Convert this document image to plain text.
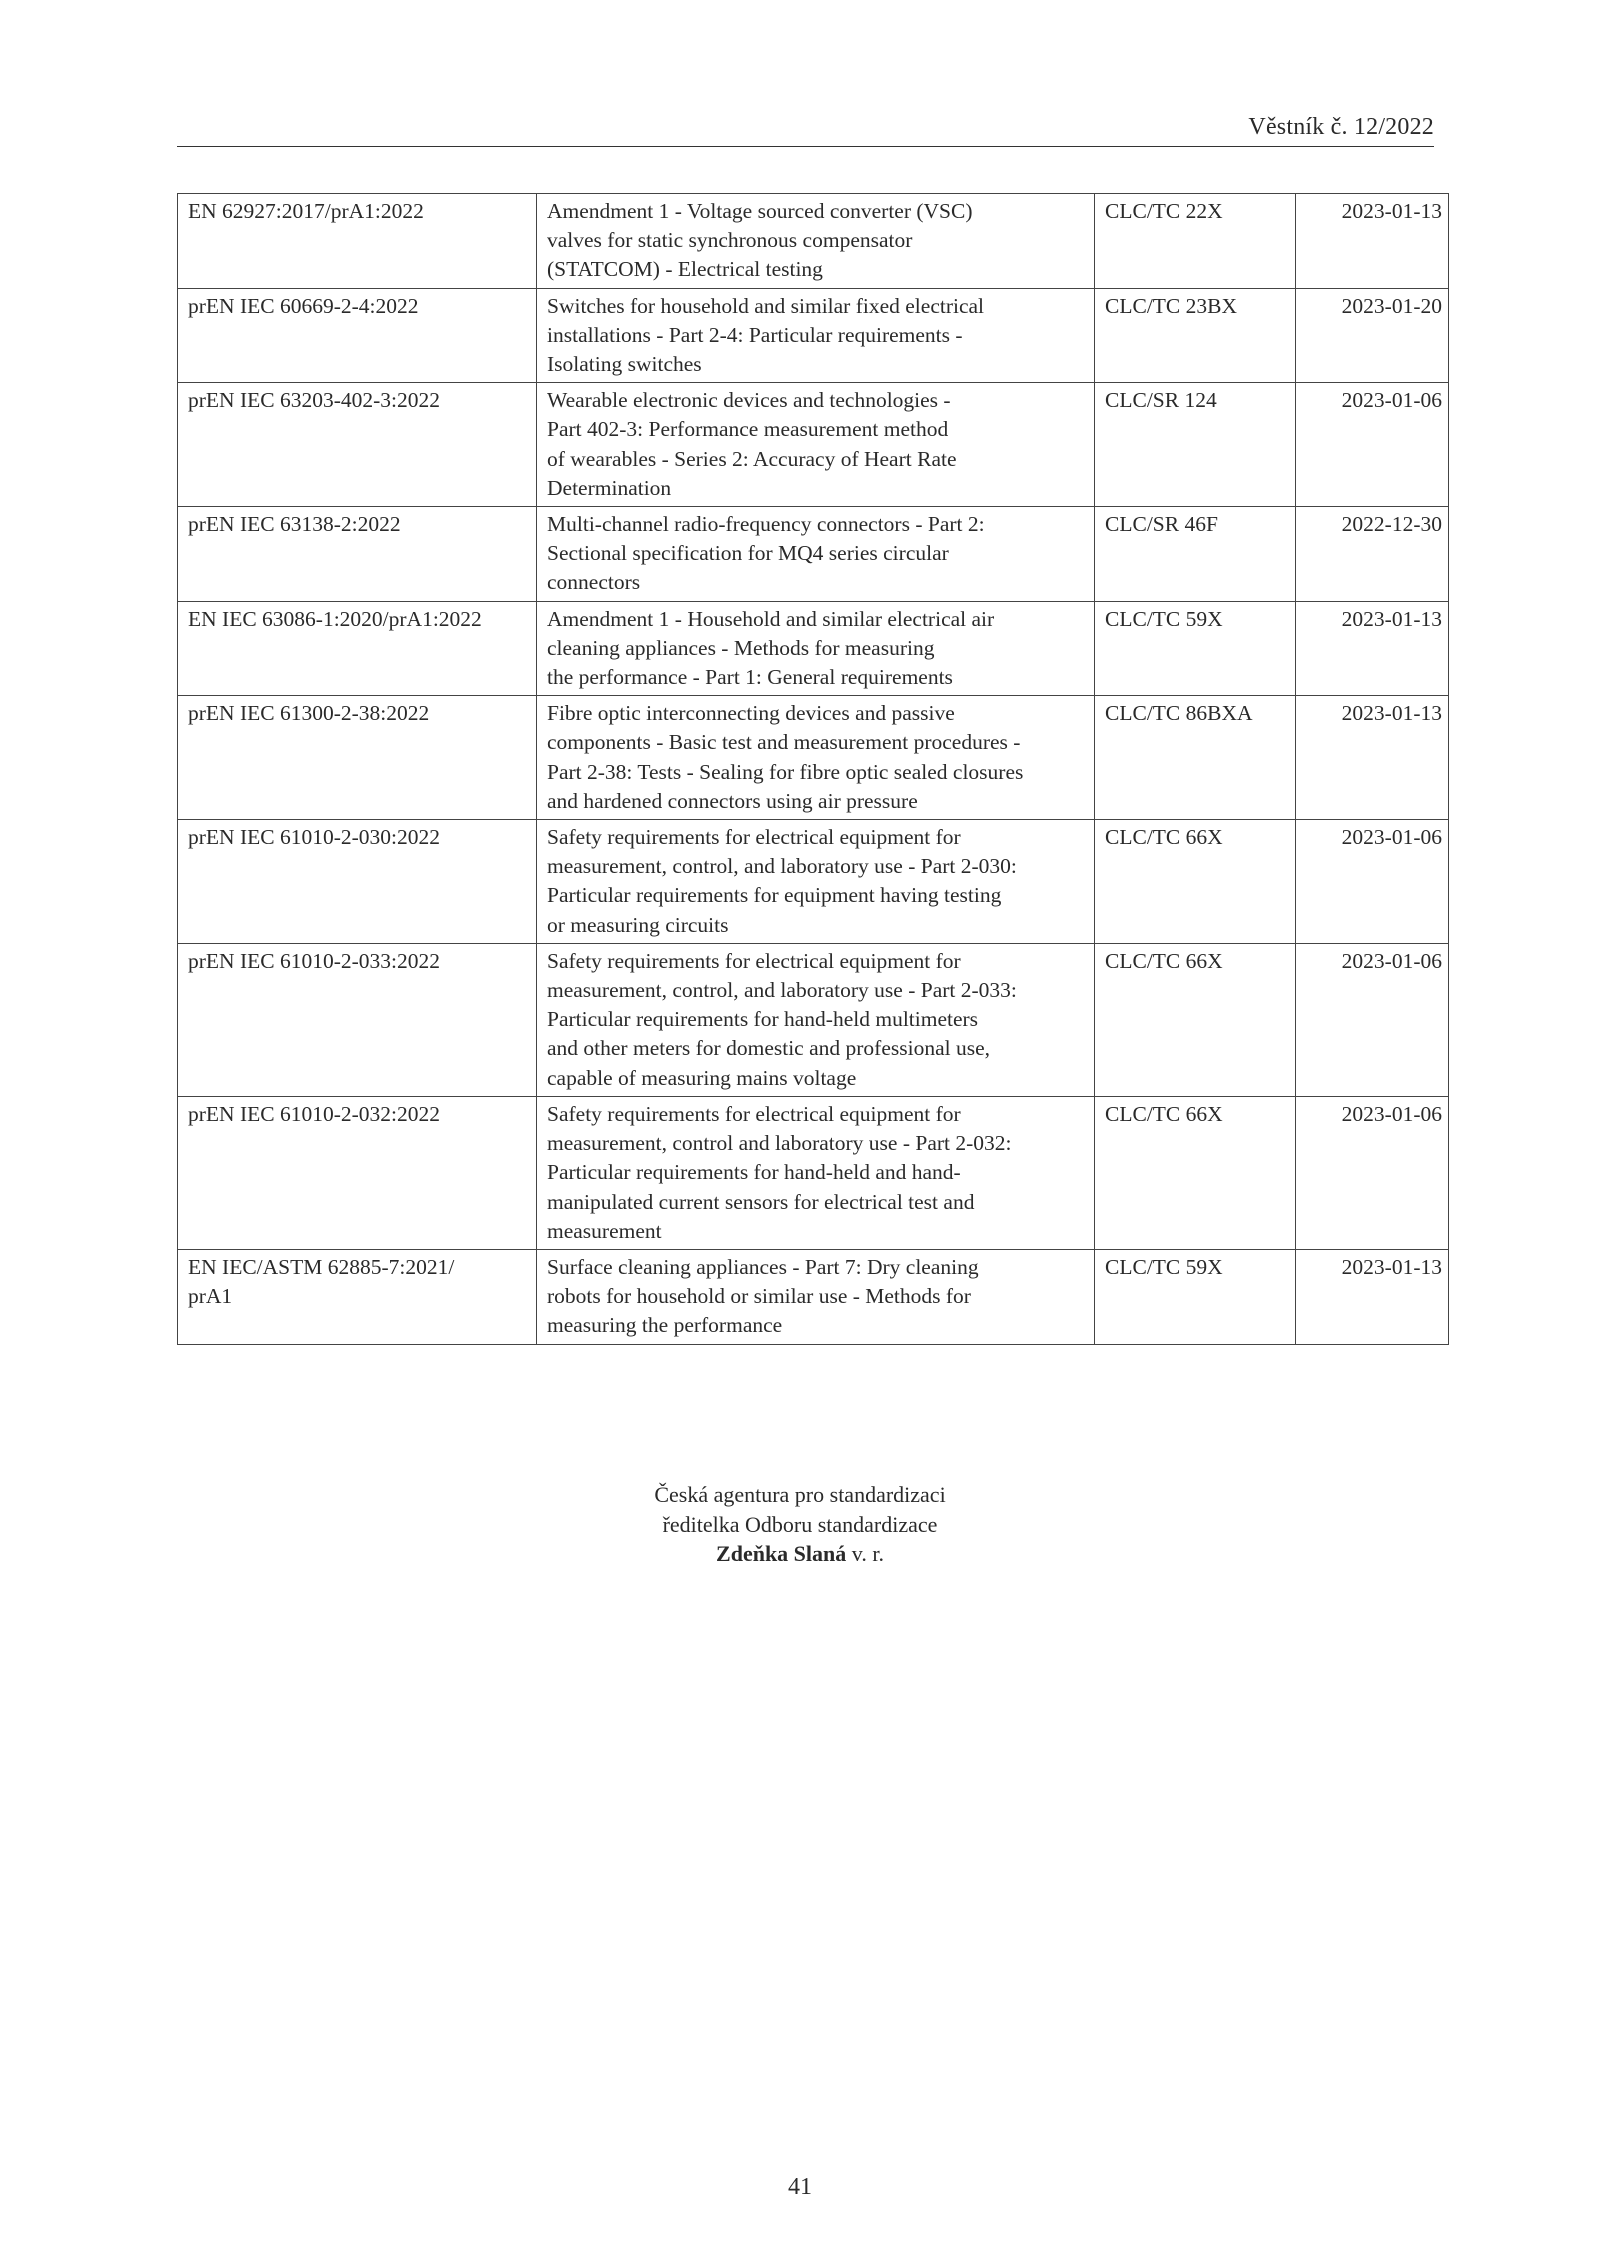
Věstník č. 12/2022
EN 62927:2017/prA1:2022	Amendment 1 - Voltage sourced converter (VSC)
valves for static synchronous compensator
(STATCOM) - Electrical testing	CLC/TC 22X	2023-01-13
prEN IEC 60669-2-4:2022	Switches for household and similar fixed electrical
installations - Part 2-4: Particular requirements -
Isolating switches	CLC/TC 23BX	2023-01-20
prEN IEC 63203-402-3:2022	Wearable electronic devices and technologies -
Part 402-3: Performance measurement method
of wearables - Series 2: Accuracy of Heart Rate
Determination	CLC/SR 124	2023-01-06
prEN IEC 63138-2:2022	Multi-channel radio-frequency connectors - Part 2:
Sectional specification for MQ4 series circular
connectors	CLC/SR 46F	2022-12-30
EN IEC 63086-1:2020/prA1:2022	Amendment 1 - Household and similar electrical air
cleaning appliances - Methods for measuring
the performance - Part 1: General requirements	CLC/TC 59X	2023-01-13
prEN IEC 61300-2-38:2022	Fibre optic interconnecting devices and passive
components - Basic test and measurement procedures -
Part 2-38: Tests - Sealing for fibre optic sealed closures
and hardened connectors using air pressure	CLC/TC 86BXA	2023-01-13
prEN IEC 61010-2-030:2022	Safety requirements for electrical equipment for
measurement, control, and laboratory use - Part 2-030:
Particular requirements for equipment having testing
or measuring circuits	CLC/TC 66X	2023-01-06
prEN IEC 61010-2-033:2022	Safety requirements for electrical equipment for
measurement, control, and laboratory use - Part 2-033:
Particular requirements for hand-held multimeters
and other meters for domestic and professional use,
capable of measuring mains voltage	CLC/TC 66X	2023-01-06
prEN IEC 61010-2-032:2022	Safety requirements for electrical equipment for
measurement, control and laboratory use - Part 2-032:
Particular requirements for hand-held and hand-
manipulated current sensors for electrical test and
measurement	CLC/TC 66X	2023-01-06

EN IEC/ASTM 62885-7:2021/
prA1	Surface cleaning appliances - Part 7: Dry cleaning
robots for household or similar use - Methods for
measuring the performance	CLC/TC 59X	2023-01-13
Česká agentura pro standardizaci
ředitelka Odboru standardizace
Zdeňka Slaná v. r.
41
